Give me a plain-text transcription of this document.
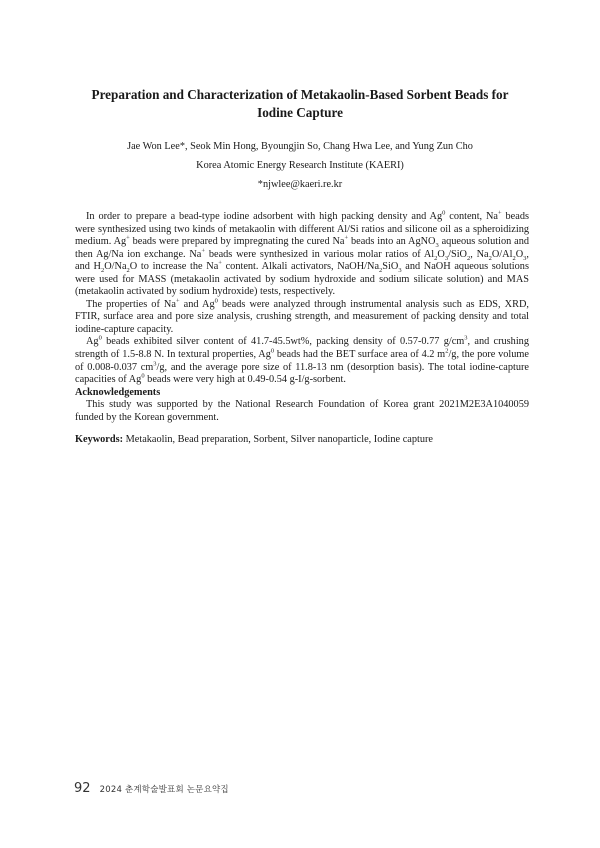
Preparation and Characterization of Metakaolin-Based Sorbent Beads for Iodine Capture

Jae Won Lee*, Seok Min Hong, Byoungjin So, Chang Hwa Lee, and Yung Zun Cho

Korea Atomic Energy Research Institute (KAERI)

*njwlee@kaeri.re.kr

In order to prepare a bead-type iodine adsorbent with high packing density and Ag$^0$ content, Na+ beads were synthesized using two kinds of metakaolin with different Al/Si ratios and silicone oil as a spheroidizing medium. Ag+ beads were prepared by impregnating the cured Na+ beads into an AgNO$_3$ aqueous solution and then Ag/Na ion exchange. Na+ beads were synthesized in various molar ratios of $Al_2O_3/SiO_2$, $Na_2O/Al_2O_3$, and $H_2O/Na_2O$ to increase the Na+ content. Alkali activators, NaOH/$Na_2SiO_3$ and NaOH aqueous solutions were used for MASS (metakaolin activated by sodium hydroxide and sodium silicate solution) and MAS (metakaolin activated by sodium hydroxide) tests, respectively.

The properties of Na+ and Ag$^0$ beads were analyzed through instrumental analysis such as EDS, XRD, FTIR, surface area and pore size analysis, crushing strength, and measurement of packing density and total iodine-capture capacity.

Ag$^0$ beads exhibited silver content of 41.7-45.5wt%, packing density of 0.57-0.77 $g/cm^3$, and crushing strength of 1.5-8.8 N. In textural properties, Ag$^0$ beads had the BET surface area of 4.2 $m^2/g$, the pore volume of 0.008-0.037 $cm^3/g$, and the average pore size of 11.8-13 nm (desorption basis). The total iodine-capture capacities of Ag$^0$ beads were very high at 0.49-0.54 g-I/g-sorbent.

Acknowledgements

This study was supported by the National Research Foundation of Korea grant 2021M2E3A1040059 funded by the Korean government.

Keywords: Metakaolin, Bead preparation, Sorbent, Silver nanoparticle, Iodine capture

92 2024 춘계학술발표회 논문요약집
